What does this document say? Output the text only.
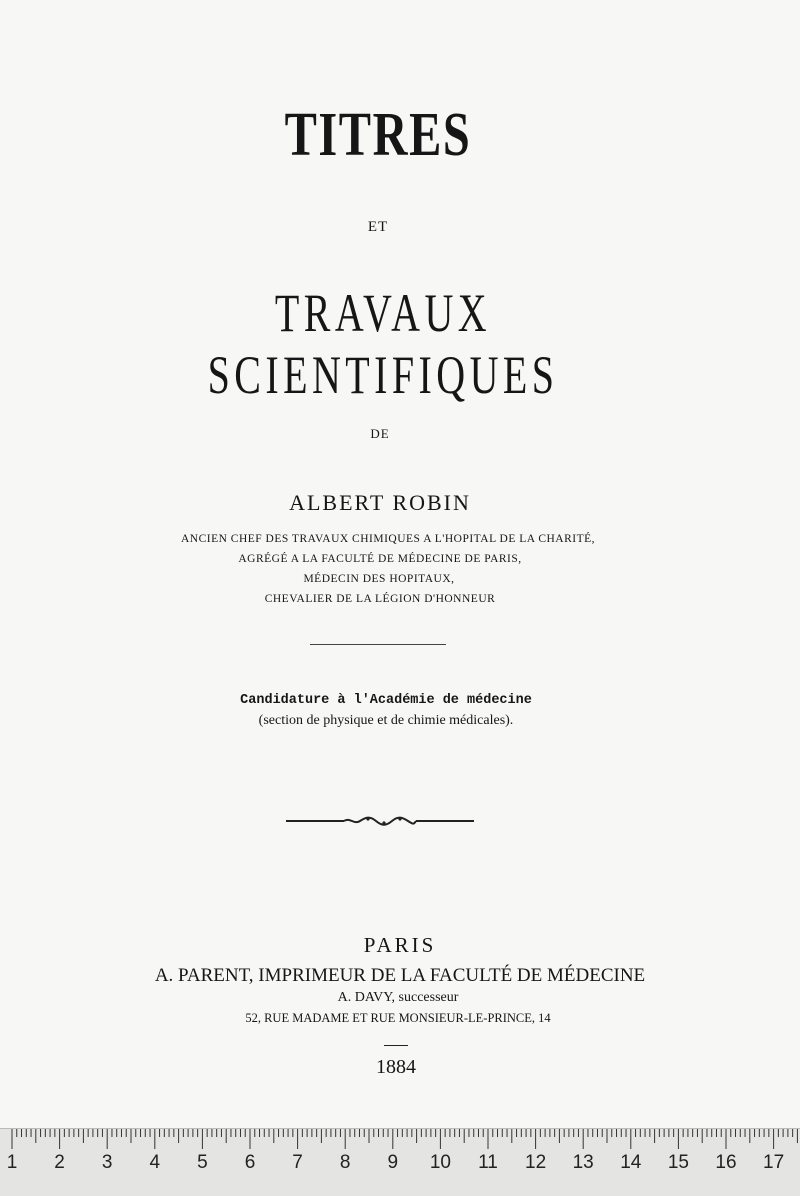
TITRES
ET
TRAVAUX SCIENTIFIQUES
DE
ALBERT ROBIN
ANCIEN CHEF DES TRAVAUX CHIMIQUES A L'HOPITAL DE LA CHARITÉ,
AGRÉGÉ A LA FACULTÉ DE MÉDECINE DE PARIS,
MÉDECIN DES HOPITAUX,
CHEVALIER DE LA LÉGION D'HONNEUR
Candidature à l'Académie de médecine
(section de physique et de chimie médicales).
PARIS
A. PARENT, IMPRIMEUR DE LA FACULTÉ DE MÉDECINE
A. DAVY, successeur
52, RUE MADAME ET RUE MONSIEUR-LE-PRINCE, 14
1884
1 2 3 4 5 6 7 8 9 10 11 12 13 14 15 16 17
